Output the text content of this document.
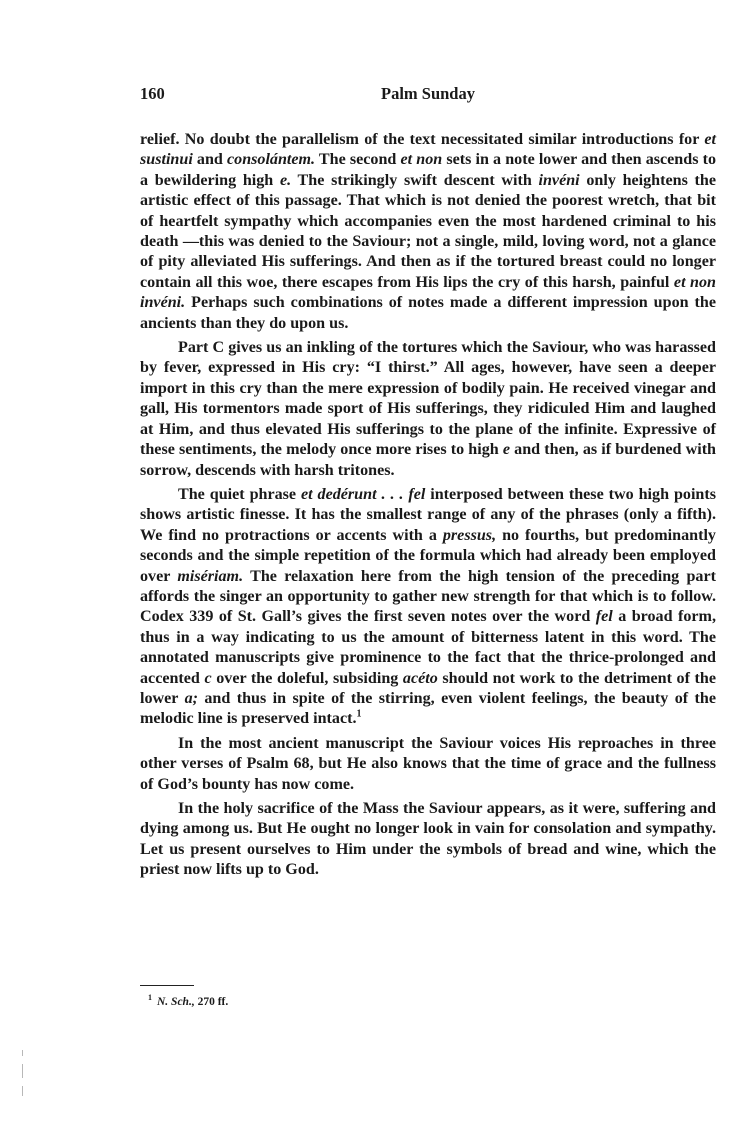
160	Palm Sunday

relief. No doubt the parallelism of the text necessitated similar introductions for et sustinui and consolántem. The second et non sets in a note lower and then ascends to a bewildering high e. The strikingly swift descent with invéni only heightens the artistic effect of this passage. That which is not denied the poorest wretch, that bit of heartfelt sympathy which accompanies even the most hardened criminal to his death —this was denied to the Saviour; not a single, mild, loving word, not a glance of pity alleviated His sufferings. And then as if the tortured breast could no longer contain all this woe, there escapes from His lips the cry of this harsh, painful et non invéni. Perhaps such combinations of notes made a different impression upon the ancients than they do upon us.

Part C gives us an inkling of the tortures which the Saviour, who was harassed by fever, expressed in His cry: “I thirst.” All ages, however, have seen a deeper import in this cry than the mere expression of bodily pain. He received vinegar and gall, His tormentors made sport of His sufferings, they ridiculed Him and laughed at Him, and thus elevated His sufferings to the plane of the infinite. Expressive of these sentiments, the melody once more rises to high e and then, as if burdened with sorrow, descends with harsh tritones.

The quiet phrase et dedérunt . . . fel interposed between these two high points shows artistic finesse. It has the smallest range of any of the phrases (only a fifth). We find no protractions or accents with a pressus, no fourths, but predominantly seconds and the simple repetition of the formula which had already been employed over misériam. The relaxation here from the high tension of the preceding part affords the singer an opportunity to gather new strength for that which is to follow. Codex 339 of St. Gall’s gives the first seven notes over the word fel a broad form, thus in a way indicating to us the amount of bitterness latent in this word. The annotated manuscripts give prominence to the fact that the thrice-prolonged and accented c over the doleful, subsiding acéto should not work to the detriment of the lower a; and thus in spite of the stirring, even violent feelings, the beauty of the melodic line is preserved intact.$^1$

In the most ancient manuscript the Saviour voices His reproaches in three other verses of Psalm 68, but He also knows that the time of grace and the fullness of God’s bounty has now come.

In the holy sacrifice of the Mass the Saviour appears, as it were, suffering and dying among us. But He ought no longer look in vain for consolation and sympathy. Let us present ourselves to Him under the symbols of bread and wine, which the priest now lifts up to God.

$^1$ N. Sch., 270 ff.
